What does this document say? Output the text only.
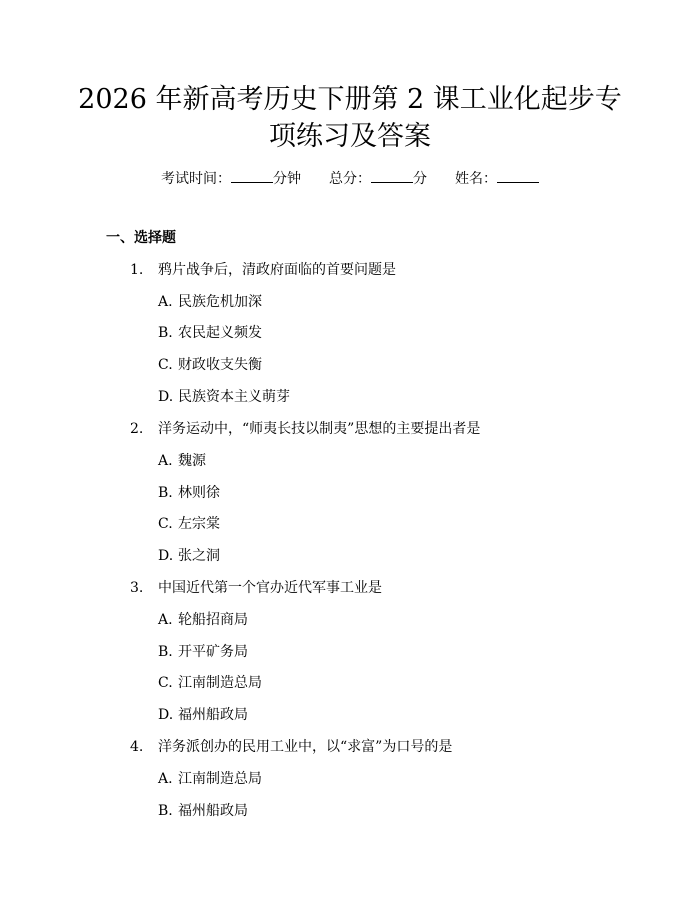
2026 年新高考历史下册第 2 课工业化起步专
项练习及答案
考试时间：	分钟 总分：	分 姓名：
一、选择题
1. 鸦片战争后，清政府面临的首要问题是
A. 民族危机加深
B. 农民起义频发
C. 财政收支失衡
D. 民族资本主义萌芽
2. 洋务运动中，“师夷长技以制夷”思想的主要提出者是
A. 魏源
B. 林则徐
C. 左宗棠
D. 张之洞
3. 中国近代第一个官办近代军事工业是
A. 轮船招商局
B. 开平矿务局
C. 江南制造总局
D. 福州船政局
4. 洋务派创办的民用工业中，以“求富”为口号的是
A. 江南制造总局
B. 福州船政局
